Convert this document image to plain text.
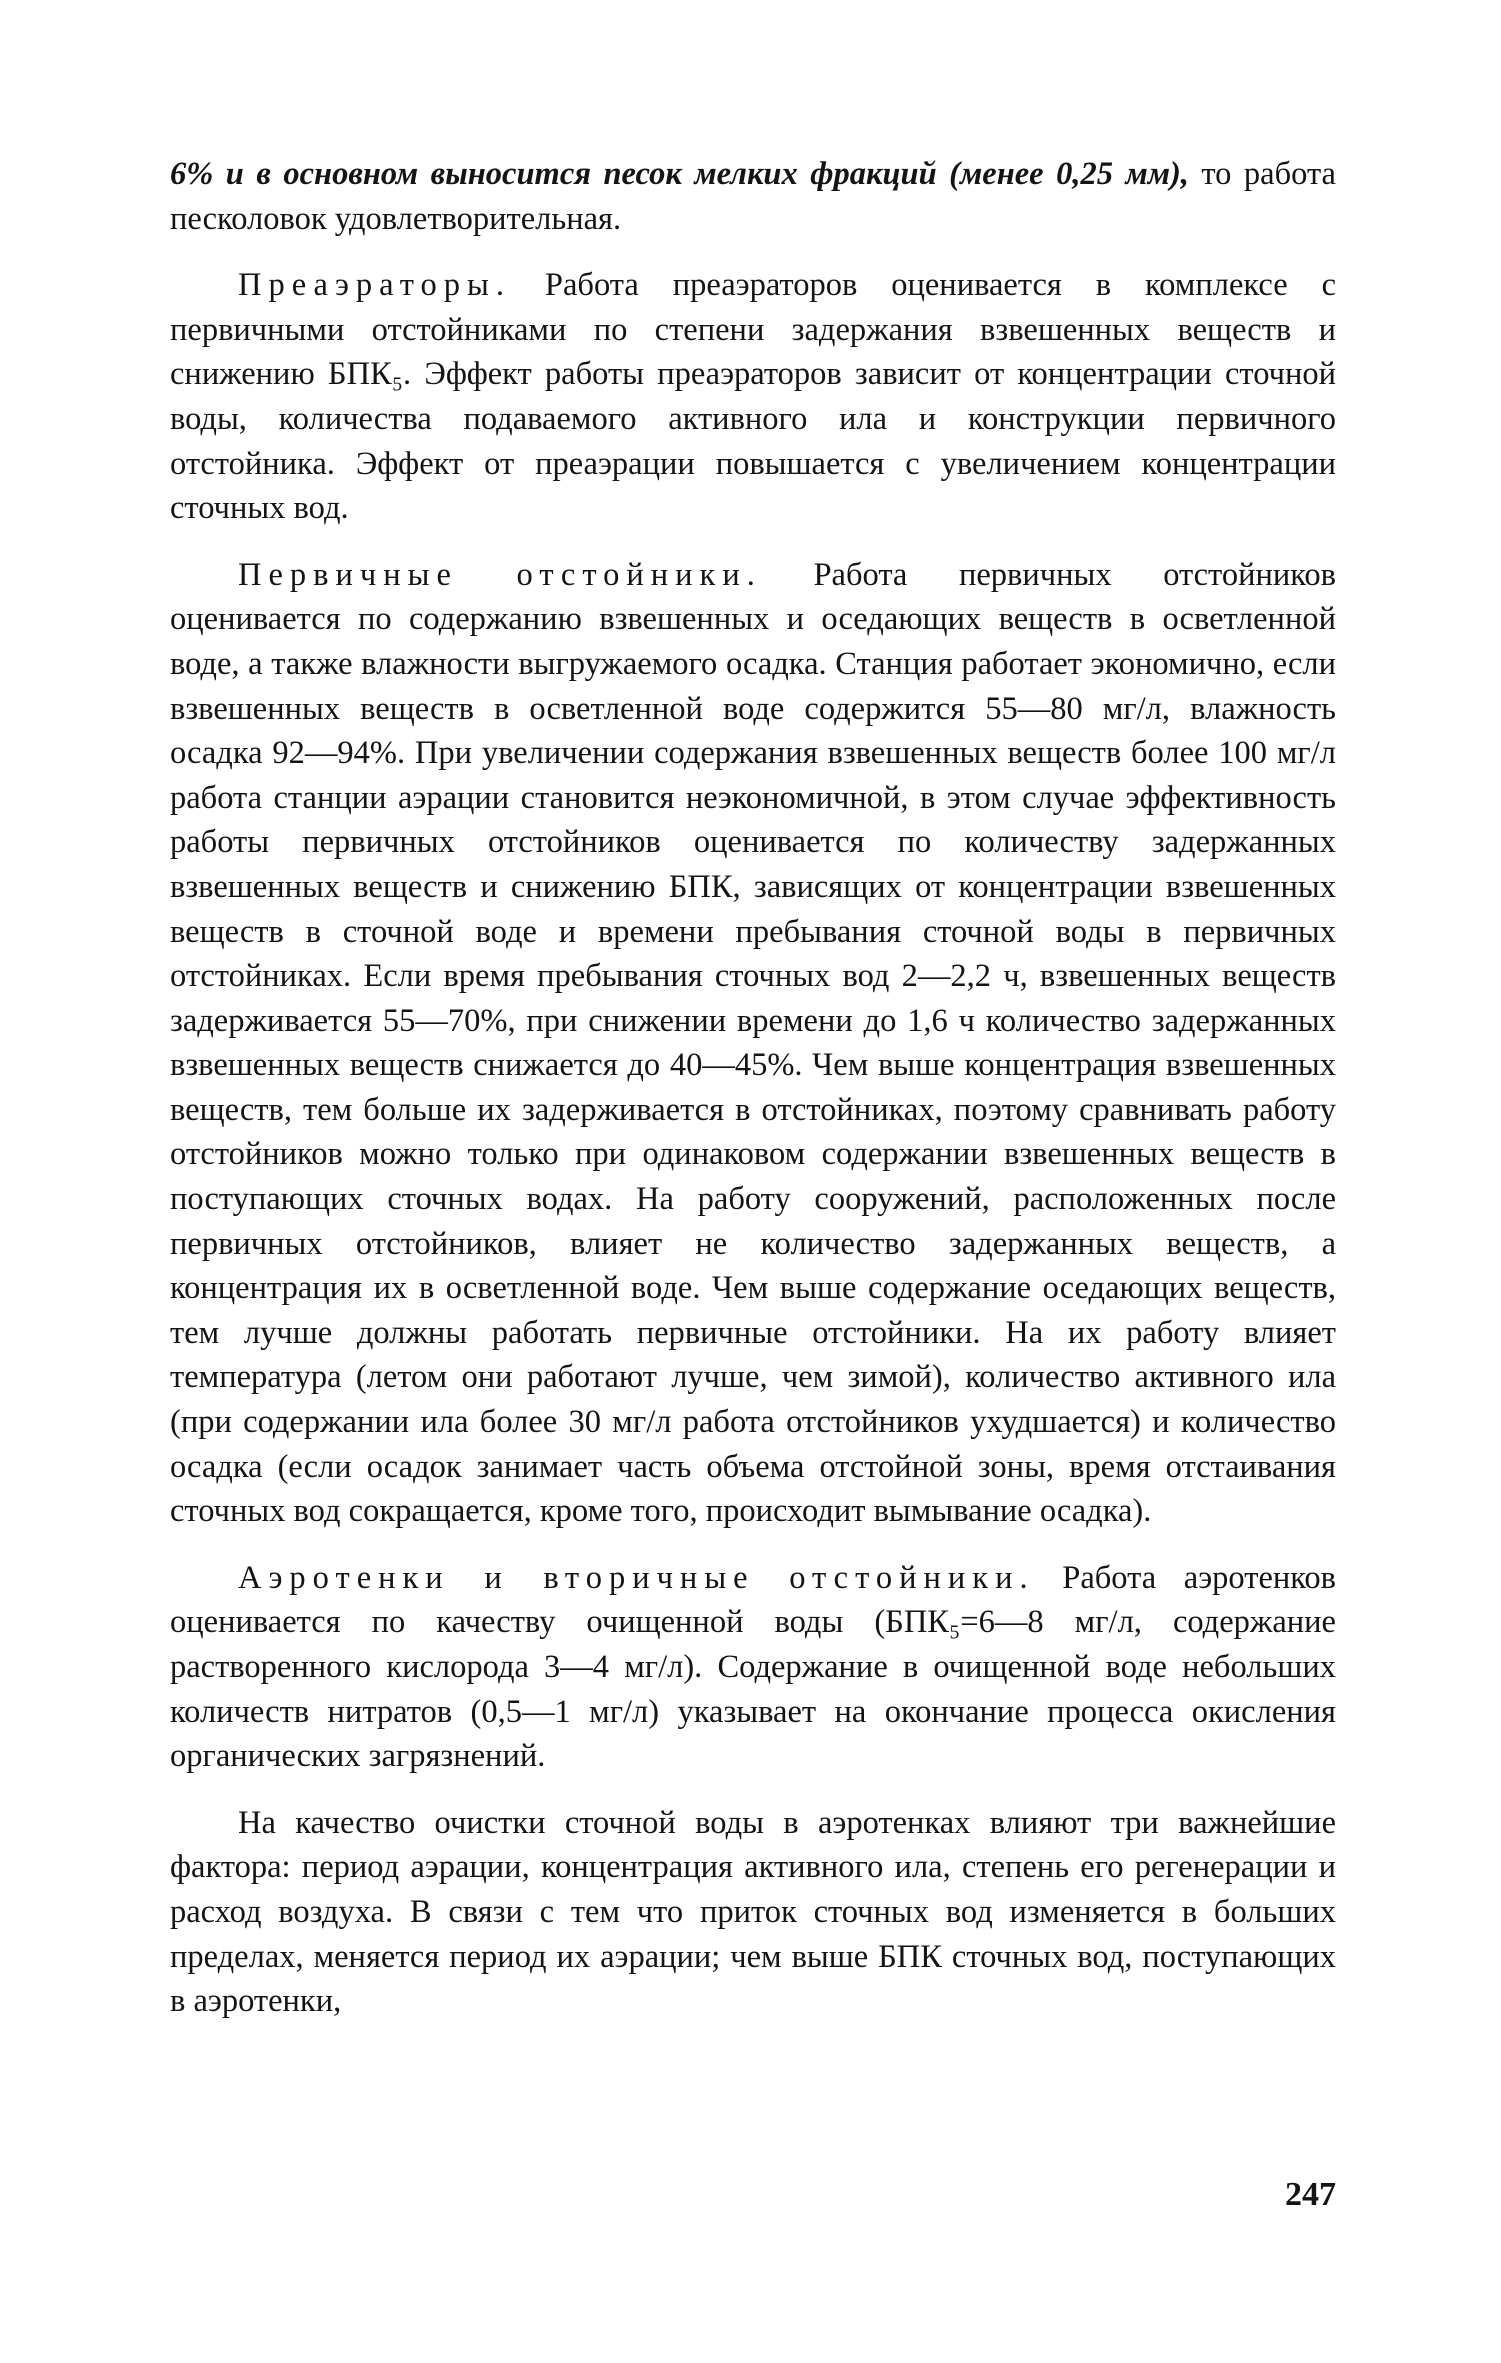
6% и в основном выносится песок мелких фракций (менее 0,25 мм), то работа песколовок удовлетворительная.

Преаэраторы. Работа преаэраторов оценивается в комплексе с первичными отстойниками по степени задержания взвешенных веществ и снижению БПК₅. Эффект работы преаэраторов зависит от концентрации сточной воды, количества подаваемого активного ила и конструкции первичного отстойника. Эффект от преаэрации повышается с увеличением концентрации сточных вод.

Первичные отстойники. Работа первичных отстойников оценивается по содержанию взвешенных и оседающих веществ в осветленной воде, а также влажности выгружаемого осадка. Станция работает экономично, если взвешенных веществ в осветленной воде содержится 55—80 мг/л, влажность осадка 92—94%. При увеличении содержания взвешенных веществ более 100 мг/л работа станции аэрации становится неэкономичной, в этом случае эффективность работы первичных отстойников оценивается по количеству задержанных взвешенных веществ и снижению БПК, зависящих от концентрации взвешенных веществ в сточной воде и времени пребывания сточной воды в первичных отстойниках. Если время пребывания сточных вод 2—2,2 ч, взвешенных веществ задерживается 55—70%, при снижении времени до 1,6 ч количество задержанных взвешенных веществ снижается до 40—45%. Чем выше концентрация взвешенных веществ, тем больше их задерживается в отстойниках, поэтому сравнивать работу отстойников можно только при одинаковом содержании взвешенных веществ в поступающих сточных водах. На работу сооружений, расположенных после первичных отстойников, влияет не количество задержанных веществ, а концентрация их в осветленной воде. Чем выше содержание оседающих веществ, тем лучше должны работать первичные отстойники. На их работу влияет температура (летом они работают лучше, чем зимой), количество активного ила (при содержании ила более 30 мг/л работа отстойников ухудшается) и количество осадка (если осадок занимает часть объема отстойной зоны, время отстаивания сточных вод сокращается, кроме того, происходит вымывание осадка).

Аэротенки и вторичные отстойники. Работа аэротенков оценивается по качеству очищенной воды (БПК₅=6—8 мг/л, содержание растворенного кислорода 3—4 мг/л). Содержание в очищенной воде небольших количеств нитратов (0,5—1 мг/л) указывает на окончание процесса окисления органических загрязнений.

На качество очистки сточной воды в аэротенках влияют три важнейшие фактора: период аэрации, концентрация активного ила, степень его регенерации и расход воздуха. В связи с тем что приток сточных вод изменяется в больших пределах, меняется период их аэрации; чем выше БПК сточных вод, поступающих в аэротенки,

247
